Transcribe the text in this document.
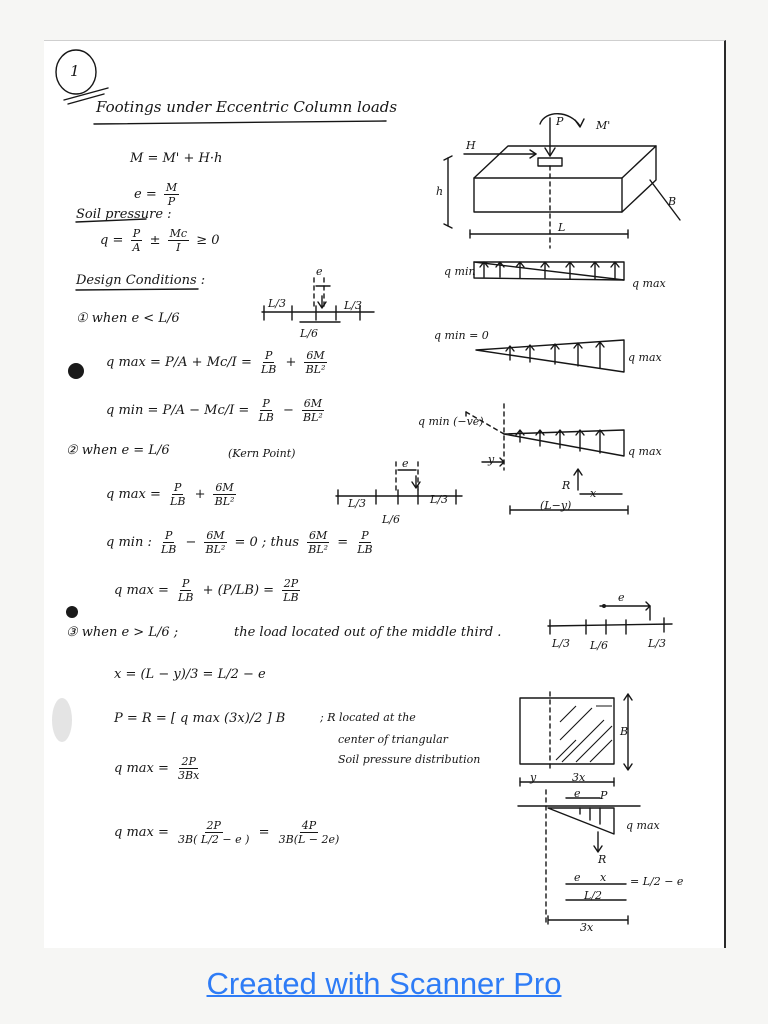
1
Footings under Eccentric Column loads
M = M' + H·h
$e = \frac{M}{P}$
Soil pressure :
$q = \frac{P}{A} \pm \frac{Mc}{I} \ge 0$
Design Conditions :
① when e < L/6
q $\max = P/A + Mc/I = \frac{P}{LB} + \frac{6M}{\text{BL²}}$
q $\min = P/A - Mc/I = \frac{P}{LB} - \frac{6M}{\text{BL²}}$
② when e = L/6	(Kern Point)
q $\max = \frac{P}{LB} + \frac{6M}{\text{BL²}}$
q min : $\frac{P}{LB} - \frac{6M}{\text{BL²}} = 0$ ; thus $\frac{6M}{\text{BL²}} = \frac{P}{LB}$
q $\max = \frac{P}{LB} + (P/LB) = \frac{2P}{LB}$
③ when e > L/6 ;	the load located out of the middle third .
x = (L − y)/3 = L/2 − e
P = R = [ q max (3x)/2 ] B	; R located at the
center of triangular
Soil pressure distribution
q $\max = \frac{2P}{3Bx}$
q $\max = \frac{2P}{3B( L/2 - e )} = \frac{4P}{3B(L - 2e)}$
P	M'
H
h
B
L
q min
q max
e
L/3	L/3
L/6	q min = 0
q max
q min (−ve)
q max
y
R
x
(L−y)
e
L/3	L/3
L/6
e
L/3 L/6	L/3
B
y	3x
e P
q max
R
e x = L/2 − e
L/2
3x
Created with Scanner Pro
